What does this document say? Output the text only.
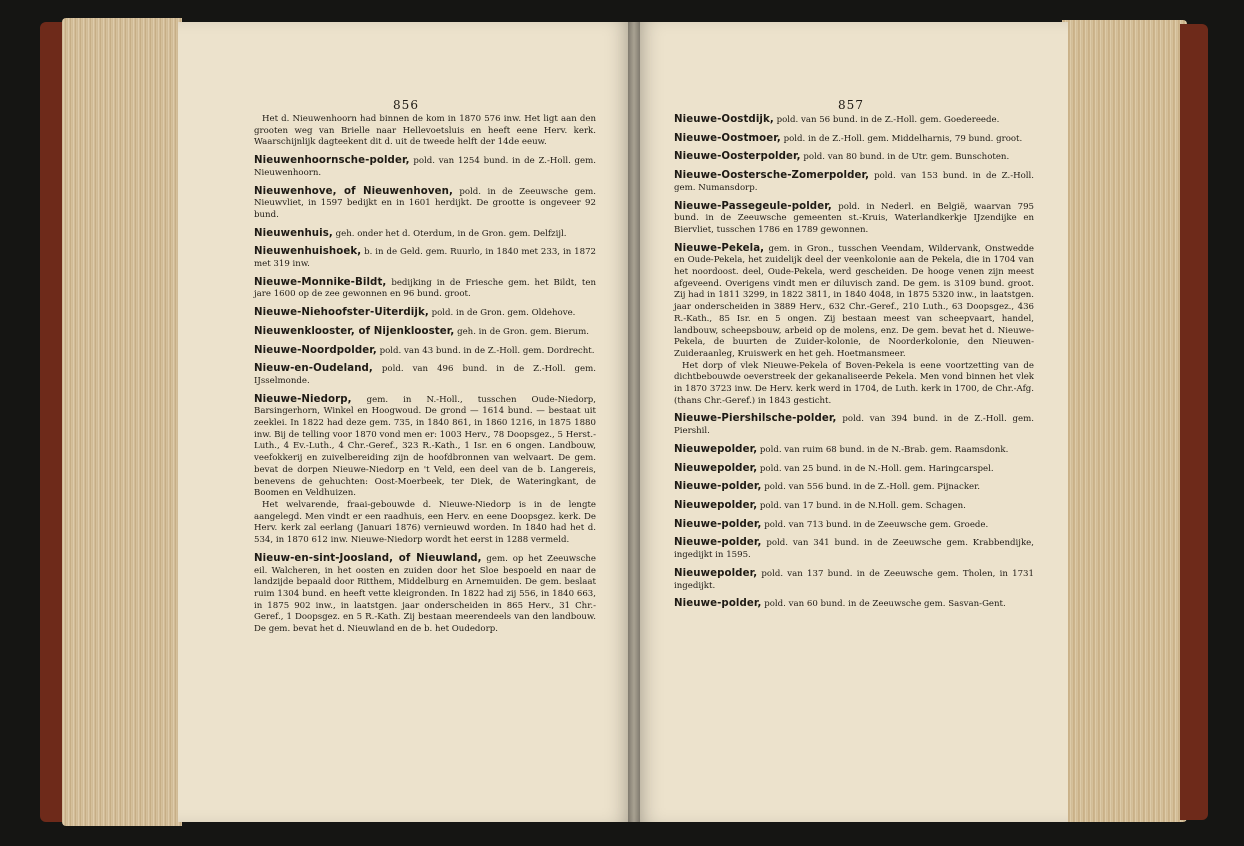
856
Het d. Nieuwenhoorn had binnen de kom in 1870 576 inw. Het ligt aan den grooten weg van Brielle naar Hellevoetsluis en heeft eene Herv. kerk. Waarschijnlijk dagteekent dit d. uit de tweede helft der 14de eeuw.
Nieuwenhoornsche-polder, pold. van 1254 bund. in de Z.-Holl. gem. Nieuwenhoorn.
Nieuwenhove, of Nieuwenhoven, pold. in de Zeeuwsche gem. Nieuwvliet, in 1597 bedijkt en in 1601 herdijkt. De grootte is ongeveer 92 bund.
Nieuwenhuis, geh. onder het d. Oterdum, in de Gron. gem. Delfzijl.
Nieuwenhuishoek, b. in de Geld. gem. Ruurlo, in 1840 met 233, in 1872 met 319 inw.
Nieuwe-Monnike-Bildt, bedijking in de Friesche gem. het Bildt, ten jare 1600 op de zee gewonnen en 96 bund. groot.
Nieuwe-Niehoofster-Uiterdijk, pold. in de Gron. gem. Oldehove.
Nieuwenklooster, of Nijenklooster, geh. in de Gron. gem. Bierum.
Nieuwe-Noordpolder, pold. van 43 bund. in de Z.-Holl. gem. Dordrecht.
Nieuw-en-Oudeland, pold. van 496 bund. in de Z.-Holl. gem. IJsselmonde.
Nieuwe-Niedorp, gem. in N.-Holl., tusschen Oude-Niedorp, Barsingerhorn, Winkel en Hoogwoud. De grond — 1614 bund. — bestaat uit zeeklei. In 1822 had deze gem. 735, in 1840 861, in 1860 1216, in 1875 1880 inw. Bij de telling voor 1870 vond men er: 1003 Herv., 78 Doopsgez., 5 Herst.-Luth., 4 Ev.-Luth., 4 Chr.-Geref., 323 R.-Kath., 1 Isr. en 6 ongen. Landbouw, veefokkerij en zuivelbereiding zijn de hoofdbronnen van welvaart. De gem. bevat de dorpen Nieuwe-Niedorp en 't Veld, een deel van de b. Langereis, benevens de gehuchten: Oost-Moerbeek, ter Diek, de Wateringkant, de Boomen en Veldhuizen.
Het welvarende, fraai-gebouwde d. Nieuwe-Niedorp is in de lengte aangelegd. Men vindt er een raadhuis, een Herv. en eene Doopsgez. kerk. De Herv. kerk zal eerlang (Januari 1876) vernieuwd worden. In 1840 had het d. 534, in 1870 612 inw. Nieuwe-Niedorp wordt het eerst in 1288 vermeld.
Nieuw-en-sint-Joosland, of Nieuwland, gem. op het Zeeuwsche eil. Walcheren, in het oosten en zuiden door het Sloe bespoeld en naar de landzijde bepaald door Ritthem, Middelburg en Arnemuiden. De gem. beslaat ruim 1304 bund. en heeft vette kleigronden. In 1822 had zij 556, in 1840 663, in 1875 902 inw., in laatstgen. jaar onderscheiden in 865 Herv., 31 Chr.-Geref., 1 Doopsgez. en 5 R.-Kath. Zij bestaan meerendeels van den landbouw. De gem. bevat het d. Nieuwland en de b. het Oudedorp.
857
Nieuwe-Oostdijk, pold. van 56 bund. in de Z.-Holl. gem. Goedereede.
Nieuwe-Oostmoer, pold. in de Z.-Holl. gem. Middelharnis, 79 bund. groot.
Nieuwe-Oosterpolder, pold. van 80 bund. in de Utr. gem. Bunschoten.
Nieuwe-Oostersche-Zomerpolder, pold. van 153 bund. in de Z.-Holl. gem. Numansdorp.
Nieuwe-Passegeule-polder, pold. in Nederl. en België, waarvan 795 bund. in de Zeeuwsche gemeenten st.-Kruis, Waterlandkerkje IJzendijke en Biervliet, tusschen 1786 en 1789 gewonnen.
Nieuwe-Pekela, gem. in Gron., tusschen Veendam, Wildervank, Onstwedde en Oude-Pekela, het zuidelijk deel der veenkolonie aan de Pekela, die in 1704 van het noordoost. deel, Oude-Pekela, werd gescheiden. De hooge venen zijn meest afgeveend. Overigens vindt men er diluvisch zand. De gem. is 3109 bund. groot. Zij had in 1811 3299, in 1822 3811, in 1840 4048, in 1875 5320 inw., in laatstgen. jaar onderscheiden in 3889 Herv., 632 Chr.-Geref., 210 Luth., 63 Doopsgez., 436 R.-Kath., 85 Isr. en 5 ongen. Zij bestaan meest van scheepvaart, handel, landbouw, scheepsbouw, arbeid op de molens, enz. De gem. bevat het d. Nieuwe-Pekela, de buurten de Zuider-kolonie, de Noorderkolonie, den Nieuwen-Zuideraanleg, Kruiswerk en het geh. Hoetmansmeer.
Het dorp of vlek Nieuwe-Pekela of Boven-Pekela is eene voortzetting van de dichtbebouwde oeverstreek der gekanaliseerde Pekela. Men vond binnen het vlek in 1870 3723 inw. De Herv. kerk werd in 1704, de Luth. kerk in 1700, de Chr.-Afg. (thans Chr.-Geref.) in 1843 gesticht.
Nieuwe-Piershilsche-polder, pold. van 394 bund. in de Z.-Holl. gem. Piershil.
Nieuwepolder, pold. van ruim 68 bund. in de N.-Brab. gem. Raamsdonk.
Nieuwepolder, pold. van 25 bund. in de N.-Holl. gem. Haringcarspel.
Nieuwe-polder, pold. van 556 bund. in de Z.-Holl. gem. Pijnacker.
Nieuwepolder, pold. van 17 bund. in de N.Holl. gem. Schagen.
Nieuwe-polder, pold. van 713 bund. in de Zeeuwsche gem. Groede.
Nieuwe-polder, pold. van 341 bund. in de Zeeuwsche gem. Krabbendijke, ingedijkt in 1595.
Nieuwepolder, pold. van 137 bund. in de Zeeuwsche gem. Tholen, in 1731 ingedijkt.
Nieuwe-polder, pold. van 60 bund. in de Zeeuwsche gem. Sasvan-Gent.
